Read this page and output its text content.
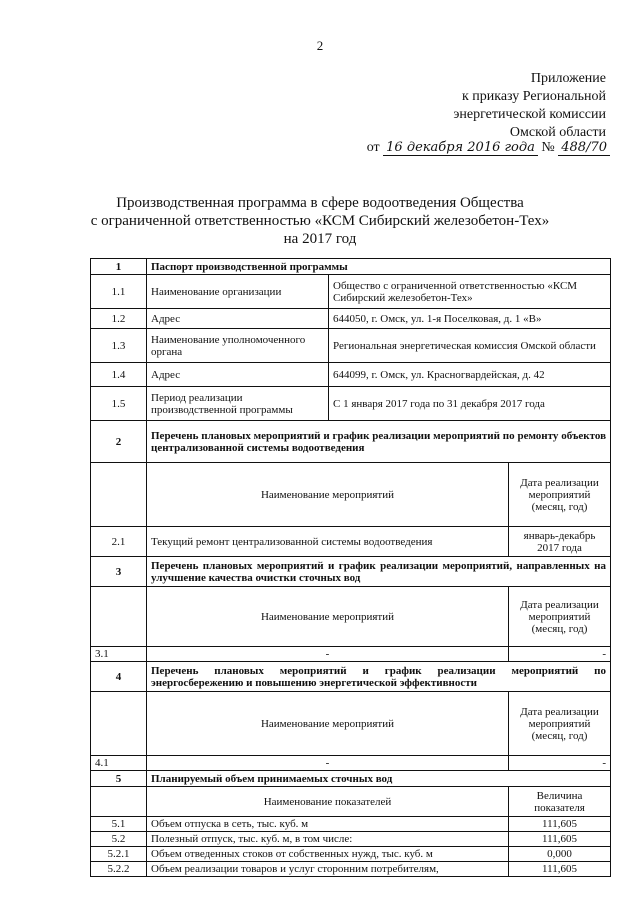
2
Приложение
к приказу Региональной
энергетической комиссии
Омской области
от 16 декабря 2016 года № 488/70
Производственная программа в сфере водоотведения Общества
с ограниченной ответственностью «КСМ Сибирский железобетон-Тех»
на 2017 год
1	Паспорт производственной программы		
1.1	Наименование организации	Общество с ограниченной ответственностью «КСМ Сибирский железобетон-Тех»	
1.2	Адрес	644050, г. Омск, ул. 1-я Поселковая, д. 1 «В»	
1.3	Наименование уполномоченного органа	Региональная энергетическая комиссия Омской области	
1.4	Адрес	644099, г. Омск, ул. Красногвардейская, д. 42	
1.5	Период реализации производственной программы	С 1 января 2017 года по 31 декабря 2017 года	
2	Перечень плановых мероприятий и график реализации мероприятий по ремонту объектов централизованной системы водоотведения		
	Наименование мероприятий		Дата реализации мероприятий (месяц, год)
2.1	Текущий ремонт централизованной системы водоотведения		январь-декабрь 2017 года
3	Перечень плановых мероприятий и график реализации мероприятий, направленных на улучшение качества очистки сточных вод		
	Наименование мероприятий		Дата реализации мероприятий (месяц, год)
3.1	-		-
4	Перечень плановых мероприятий и график реализации мероприятий по энергосбережению и повышению энергетической эффективности		
	Наименование мероприятий		Дата реализации мероприятий (месяц, год)
4.1	-		-
5	Планируемый объем принимаемых сточных вод		
	Наименование показателей		Величина показателя
5.1	Объем отпуска в сеть, тыс. куб. м		111,605
5.2	Полезный отпуск, тыс. куб. м, в том числе:		111,605
5.2.1	Объем отведенных стоков от собственных нужд, тыс. куб. м		0,000
5.2.2	Объем реализации товаров и услуг сторонним потребителям,		111,605
